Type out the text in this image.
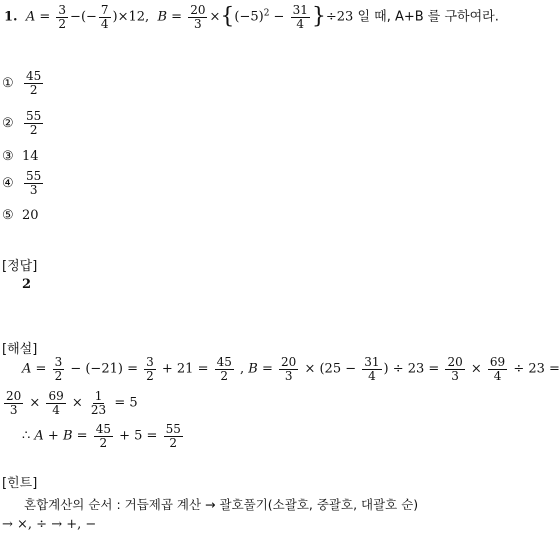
1. $A = \frac{3}{2}$ −(− $\frac{7}{4} )\times 12$,  $B = \frac{20}{3} \times\{(-5)^2 - \frac{31}{4} \}\div 23$ 일 때, A+B 를 구하여라.
① $\frac{45}{2}$
② $\frac{55}{2}$
③ 14
④ $\frac{55}{3}$
⑤ 20
[정답]
2
[해설]
$A = \frac{3}{2} - (-21) = \frac{3}{2} + 21 = \frac{45}{2}$ , $B = \frac{20}{3} \times (25 - \frac{31}{4}$ ) ÷ $23 = \frac{20}{3} \times \frac{69}{4} \div 23$ =
$\frac{20}{3} \times \frac{69}{4} \times \frac{1}{23} = 5$
∴ $A + B = \frac{45}{2} + 5 = \frac{55}{2}$
[힌트]
혼합계산의 순서 : 거듭제곱 계산 → 괄호풀기(소괄호, 중괄호, 대괄호 순)
→ ×, ÷ → +, −
